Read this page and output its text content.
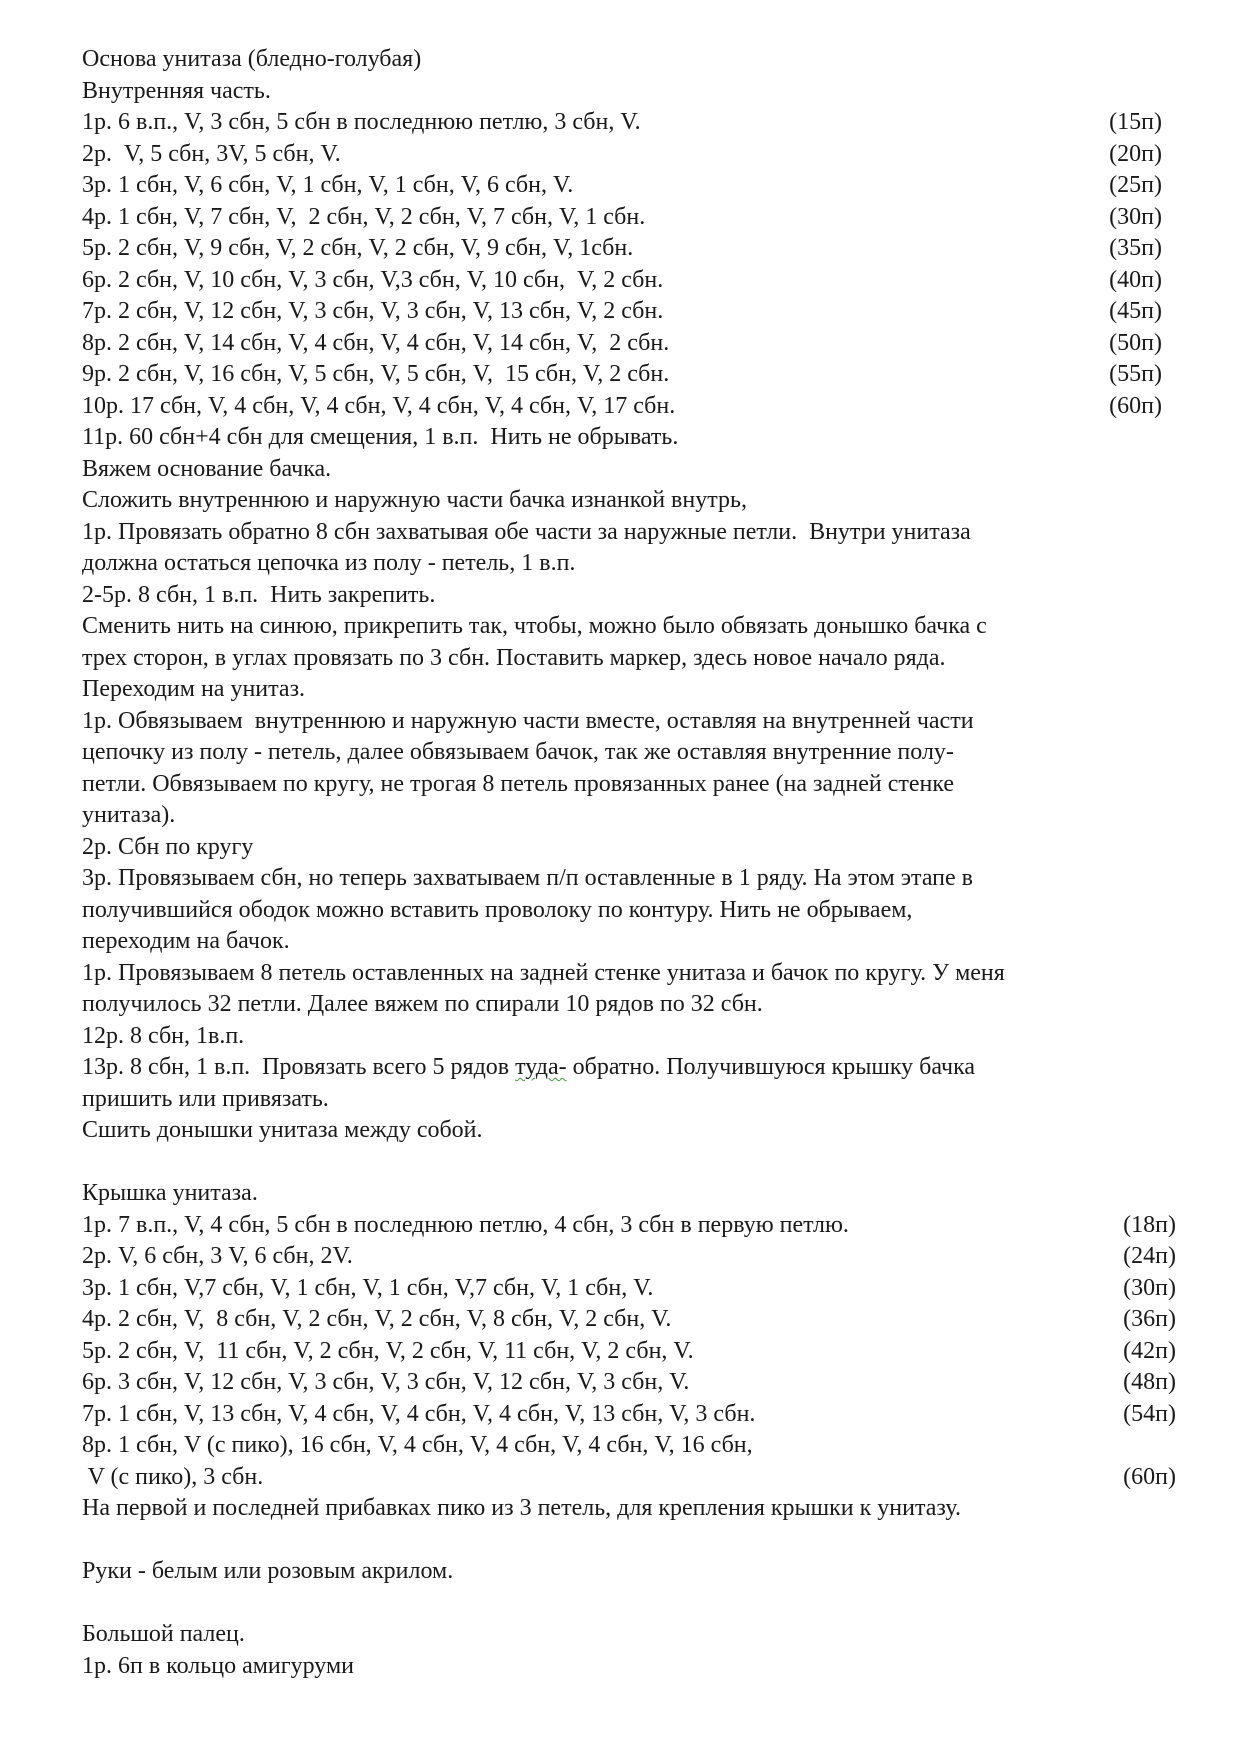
Основа унитаза (бледно-голубая)
Внутренняя часть.
1р. 6 в.п., V, 3 сбн, 5 сбн в последнюю петлю, 3 сбн, V.	(15п)
2р.  V, 5 сбн, 3V, 5 сбн, V.	(20п)
3р. 1 сбн, V, 6 сбн, V, 1 сбн, V, 1 сбн, V, 6 сбн, V.	(25п)
4р. 1 сбн, V, 7 сбн, V,  2 сбн, V, 2 сбн, V, 7 сбн, V, 1 сбн.	(30п)
5р. 2 сбн, V, 9 сбн, V, 2 сбн, V, 2 сбн, V, 9 сбн, V, 1сбн.	(35п)
6р. 2 сбн, V, 10 сбн, V, 3 сбн, V,3 сбн, V, 10 сбн,  V, 2 сбн.	(40п)
7р. 2 сбн, V, 12 сбн, V, 3 сбн, V, 3 сбн, V, 13 сбн, V, 2 сбн.	(45п)
8р. 2 сбн, V, 14 сбн, V, 4 сбн, V, 4 сбн, V, 14 сбн, V,  2 сбн.	(50п)
9р. 2 сбн, V, 16 сбн, V, 5 сбн, V, 5 сбн, V,  15 сбн, V, 2 сбн.	(55п)
10р. 17 сбн, V, 4 сбн, V, 4 сбн, V, 4 сбн, V, 4 сбн, V, 17 сбн.	(60п)
11р. 60 сбн+4 сбн для смещения, 1 в.п.  Нить не обрывать.
Вяжем основание бачка.
Сложить внутреннюю и наружную части бачка изнанкой внутрь,
1р. Провязать обратно 8 сбн захватывая обе части за наружные петли.  Внутри унитаза
должна остаться цепочка из полу - петель, 1 в.п.
2-5р. 8 сбн, 1 в.п.  Нить закрепить.
Сменить нить на синюю, прикрепить так, чтобы, можно было обвязать донышко бачка с
трех сторон, в углах провязать по 3 сбн. Поставить маркер, здесь новое начало ряда.
Переходим на унитаз.
1р. Обвязываем  внутреннюю и наружную части вместе, оставляя на внутренней части
цепочку из полу - петель, далее обвязываем бачок, так же оставляя внутренние полу-
петли. Обвязываем по кругу, не трогая 8 петель провязанных ранее (на задней стенке
унитаза).
2р. Сбн по кругу
3р. Провязываем сбн, но теперь захватываем п/п оставленные в 1 ряду. На этом этапе в
получившийся ободок можно вставить проволоку по контуру. Нить не обрываем,
переходим на бачок.
1р. Провязываем 8 петель оставленных на задней стенке унитаза и бачок по кругу. У меня
получилось 32 петли. Далее вяжем по спирали 10 рядов по 32 сбн.
12р. 8 сбн, 1в.п.
13р. 8 сбн, 1 в.п.  Провязать всего 5 рядов туда- обратно. Получившуюся крышку бачка
пришить или привязать.
Сшить донышки унитаза между собой.
Крышка унитаза.
1р. 7 в.п., V, 4 сбн, 5 сбн в последнюю петлю, 4 сбн, 3 сбн в первую петлю.	(18п)
2р. V, 6 сбн, 3 V, 6 сбн, 2V.	(24п)
3р. 1 сбн, V,7 сбн, V, 1 сбн, V, 1 сбн, V,7 сбн, V, 1 сбн, V.	(30п)
4р. 2 сбн, V,  8 сбн, V, 2 сбн, V, 2 сбн, V, 8 сбн, V, 2 сбн, V.	(36п)
5р. 2 сбн, V,  11 сбн, V, 2 сбн, V, 2 сбн, V, 11 сбн, V, 2 сбн, V.	(42п)
6р. 3 сбн, V, 12 сбн, V, 3 сбн, V, 3 сбн, V, 12 сбн, V, 3 сбн, V.	(48п)
7р. 1 сбн, V, 13 сбн, V, 4 сбн, V, 4 сбн, V, 4 сбн, V, 13 сбн, V, 3 сбн.	(54п)
8р. 1 сбн, V (с пико), 16 сбн, V, 4 сбн, V, 4 сбн, V, 4 сбн, V, 16 сбн,
V (с пико), 3 сбн.	(60п)
На первой и последней прибавках пико из 3 петель, для крепления крышки к унитазу.
Руки - белым или розовым акрилом.
Большой палец.
1р. 6п в кольцо амигуруми
